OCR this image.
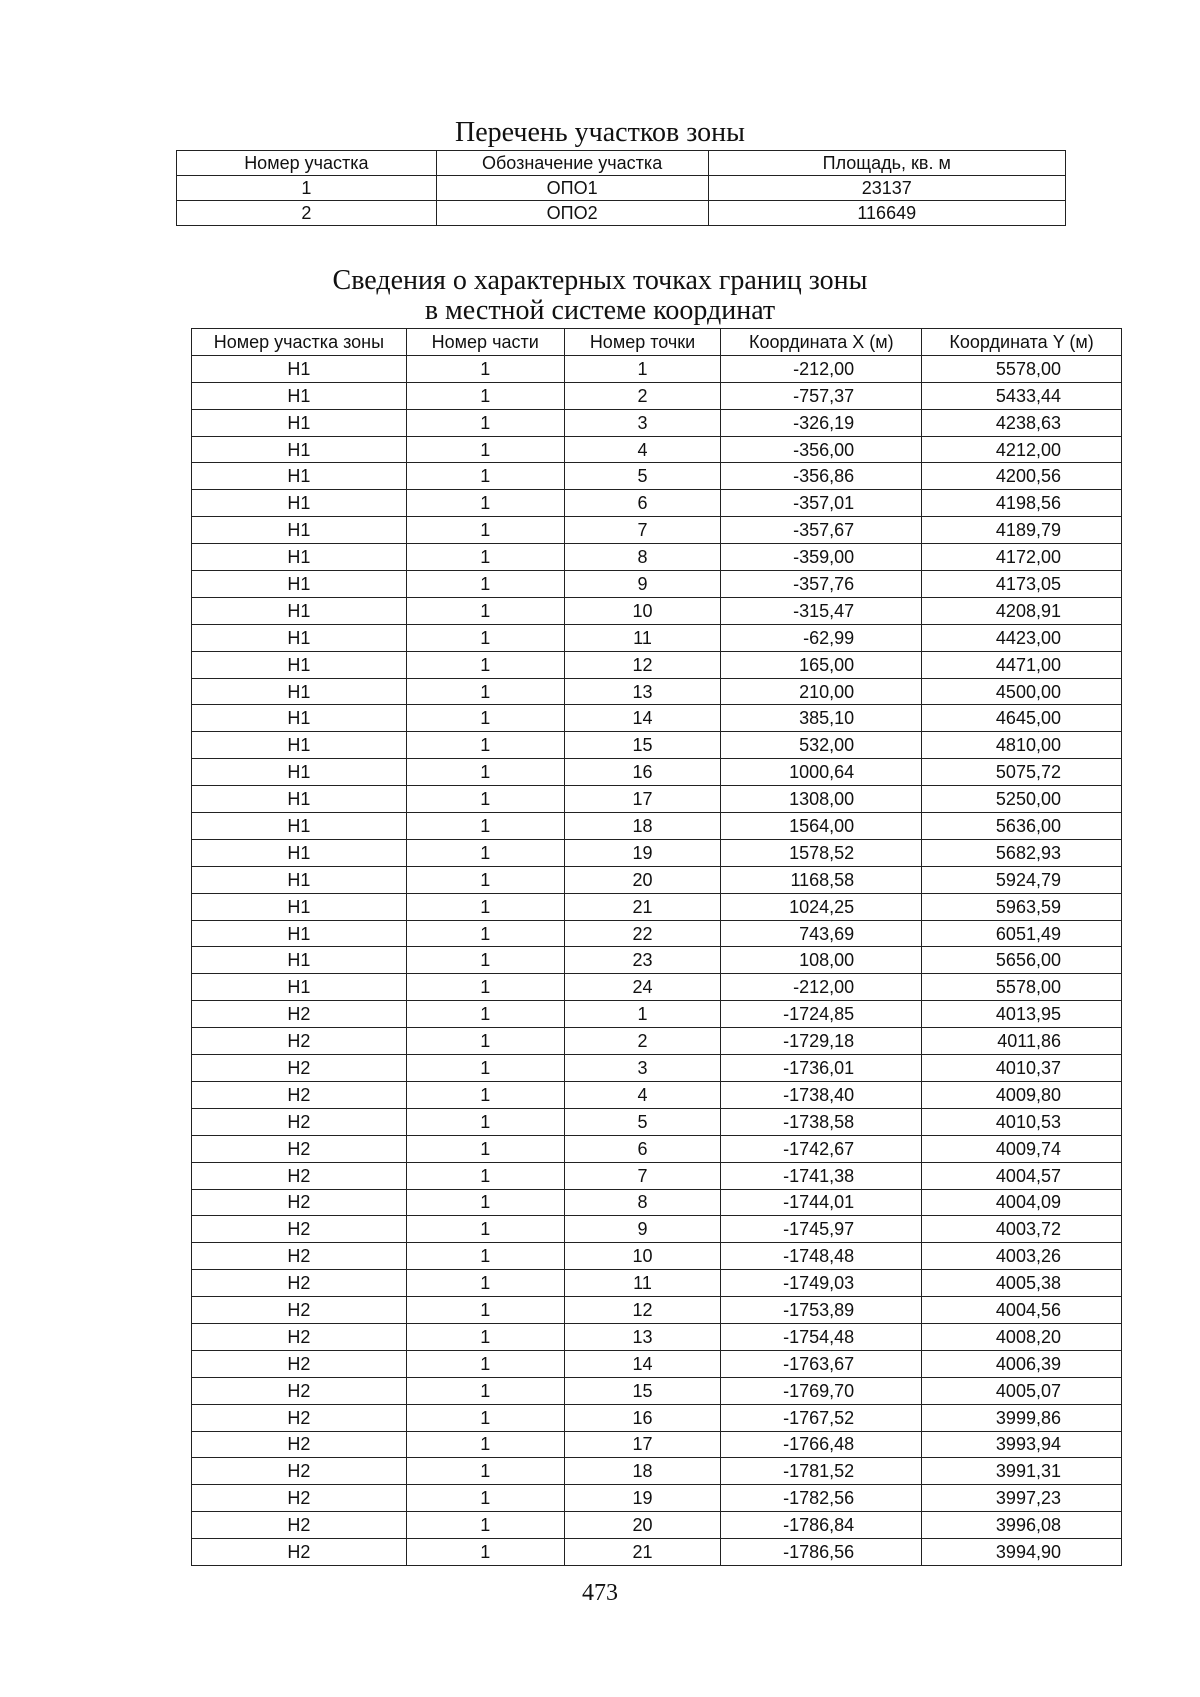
Перечень участков зоны
Номер участка	Обозначение участка	Площадь, кв. м
1	ОПО1	23137
2	ОПО2	116649
Сведения о характерных точках границ зоны
в местной системе координат
Номер участка зоны	Номер части	Номер точки	Координата X (м)	Координата Y (м)
Н1	1	1	-212,00	5578,00
Н1	1	2	-757,37	5433,44
Н1	1	3	-326,19	4238,63
Н1	1	4	-356,00	4212,00
Н1	1	5	-356,86	4200,56
Н1	1	6	-357,01	4198,56
Н1	1	7	-357,67	4189,79
Н1	1	8	-359,00	4172,00
Н1	1	9	-357,76	4173,05
Н1	1	10	-315,47	4208,91
Н1	1	11	-62,99	4423,00
Н1	1	12	165,00	4471,00
Н1	1	13	210,00	4500,00
Н1	1	14	385,10	4645,00
Н1	1	15	532,00	4810,00
Н1	1	16	1000,64	5075,72
Н1	1	17	1308,00	5250,00
Н1	1	18	1564,00	5636,00
Н1	1	19	1578,52	5682,93
Н1	1	20	1168,58	5924,79
Н1	1	21	1024,25	5963,59
Н1	1	22	743,69	6051,49
Н1	1	23	108,00	5656,00
Н1	1	24	-212,00	5578,00
Н2	1	1	-1724,85	4013,95
Н2	1	2	-1729,18	4011,86
Н2	1	3	-1736,01	4010,37
Н2	1	4	-1738,40	4009,80
Н2	1	5	-1738,58	4010,53
Н2	1	6	-1742,67	4009,74
Н2	1	7	-1741,38	4004,57
Н2	1	8	-1744,01	4004,09
Н2	1	9	-1745,97	4003,72
Н2	1	10	-1748,48	4003,26
Н2	1	11	-1749,03	4005,38
Н2	1	12	-1753,89	4004,56
Н2	1	13	-1754,48	4008,20
Н2	1	14	-1763,67	4006,39
Н2	1	15	-1769,70	4005,07
Н2	1	16	-1767,52	3999,86
Н2	1	17	-1766,48	3993,94
Н2	1	18	-1781,52	3991,31
Н2	1	19	-1782,56	3997,23
Н2	1	20	-1786,84	3996,08
Н2	1	21	-1786,56	3994,90
473
